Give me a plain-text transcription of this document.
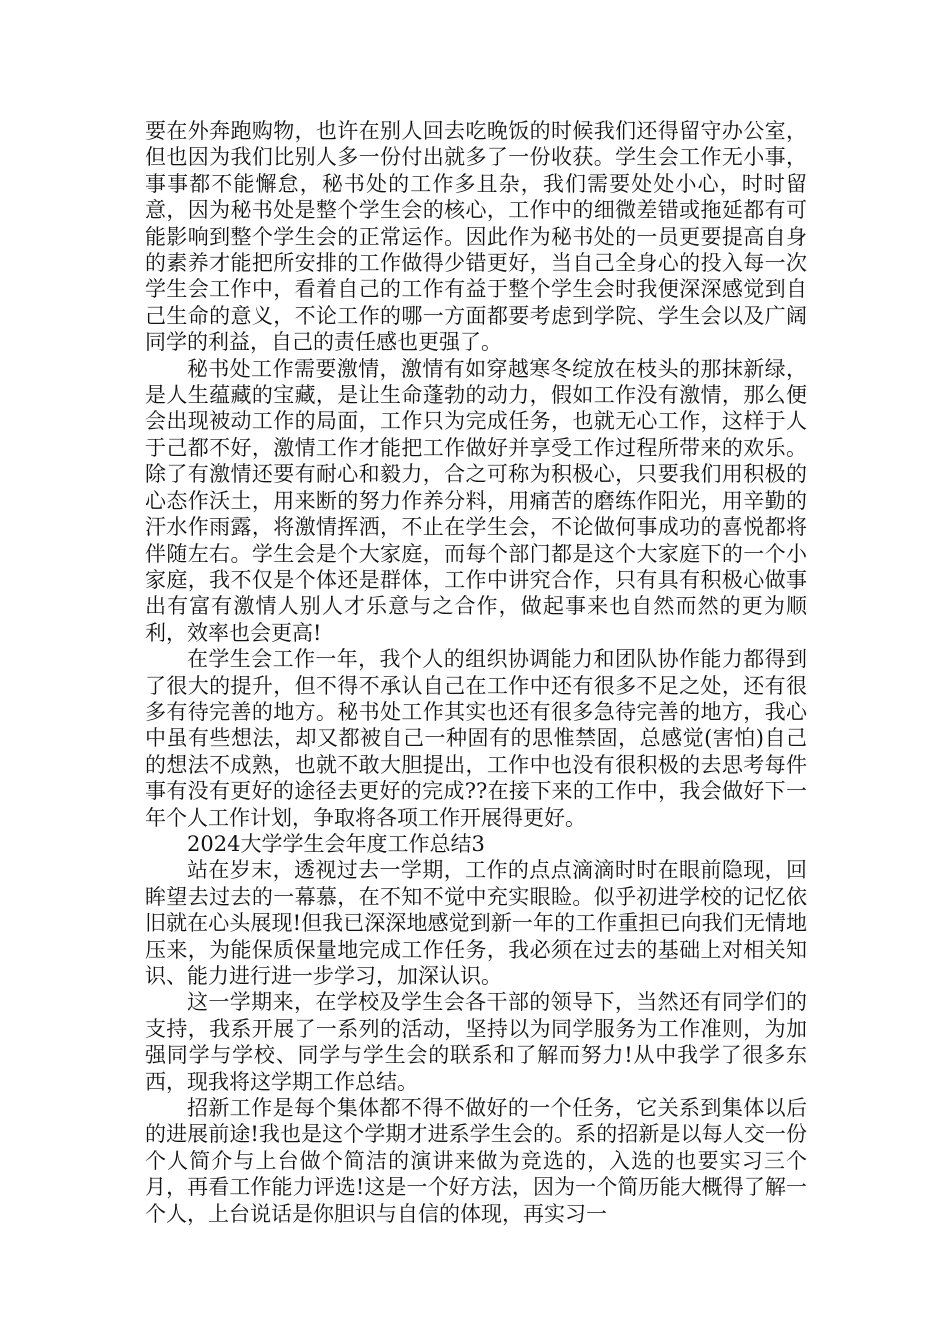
要在外奔跑购物，也许在别人回去吃晚饭的时候我们还得留守办公室，但也因为我们比别人多一份付出就多了一份收获。学生会工作无小事，事事都不能懈怠，秘书处的工作多且杂，我们需要处处小心，时时留意，因为秘书处是整个学生会的核心，工作中的细微差错或拖延都有可能影响到整个学生会的正常运作。因此作为秘书处的一员更要提高自身的素养才能把所安排的工作做得少错更好，当自己全身心的投入每一次学生会工作中，看着自己的工作有益于整个学生会时我便深深感觉到自己生命的意义，不论工作的哪一方面都要考虑到学院、学生会以及广阔同学的利益，自己的责任感也更强了。

秘书处工作需要激情，激情有如穿越寒冬绽放在枝头的那抹新绿，是人生蕴藏的宝藏，是让生命蓬勃的动力，假如工作没有激情，那么便会出现被动工作的局面，工作只为完成任务，也就无心工作，这样于人于己都不好，激情工作才能把工作做好并享受工作过程所带来的欢乐。除了有激情还要有耐心和毅力，合之可称为积极心，只要我们用积极的心态作沃土，用来断的努力作养分料，用痛苦的磨练作阳光，用辛勤的汗水作雨露，将激情挥洒，不止在学生会，不论做何事成功的喜悦都将伴随左右。学生会是个大家庭，而每个部门都是这个大家庭下的一个小家庭，我不仅是个体还是群体，工作中讲究合作，只有具有积极心做事出有富有激情人别人才乐意与之合作，做起事来也自然而然的更为顺利，效率也会更高!

在学生会工作一年，我个人的组织协调能力和团队协作能力都得到了很大的提升，但不得不承认自己在工作中还有很多不足之处，还有很多有待完善的地方。秘书处工作其实也还有很多急待完善的地方，我心中虽有些想法，却又都被自己一种固有的思惟禁固，总感觉(害怕)自己的想法不成熟，也就不敢大胆提出，工作中也没有很积极的去思考每件事有没有更好的途径去更好的完成??在接下来的工作中，我会做好下一年个人工作计划，争取将各项工作开展得更好。

2024大学学生会年度工作总结3

站在岁末，透视过去一学期，工作的点点滴滴时时在眼前隐现，回眸望去过去的一幕慕，在不知不觉中充实眼睑。似乎初进学校的记忆依旧就在心头展现!但我已深深地感觉到新一年的工作重担已向我们无情地压来，为能保质保量地完成工作任务，我必须在过去的基础上对相关知识、能力进行进一步学习，加深认识。

这一学期来，在学校及学生会各干部的领导下，当然还有同学们的支持，我系开展了一系列的活动，坚持以为同学服务为工作准则，为加强同学与学校、同学与学生会的联系和了解而努力!从中我学了很多东西，现我将这学期工作总结。

招新工作是每个集体都不得不做好的一个任务，它关系到集体以后的进展前途!我也是这个学期才进系学生会的。系的招新是以每人交一份个人简介与上台做个简洁的演讲来做为竞选的，入选的也要实习三个月，再看工作能力评选!这是一个好方法，因为一个简历能大概得了解一个人，上台说话是你胆识与自信的体现，再实习一
